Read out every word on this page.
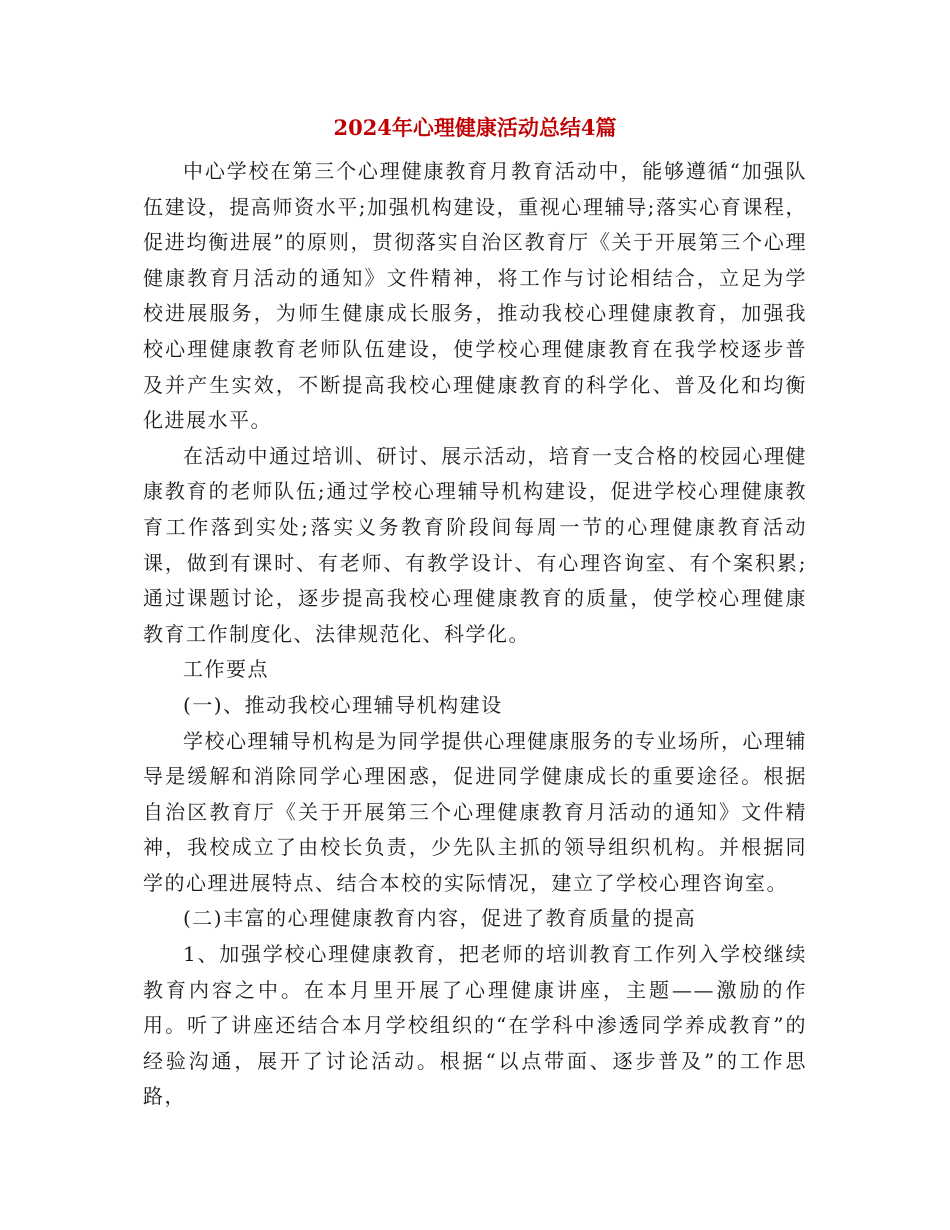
2024年心理健康活动总结4篇

中心学校在第三个心理健康教育月教育活动中，能够遵循“加强队伍建设，提高师资水平;加强机构建设，重视心理辅导;落实心育课程，促进均衡进展”的原则，贯彻落实自治区教育厅《关于开展第三个心理健康教育月活动的通知》文件精神，将工作与讨论相结合，立足为学校进展服务，为师生健康成长服务，推动我校心理健康教育，加强我校心理健康教育老师队伍建设，使学校心理健康教育在我学校逐步普及并产生实效，不断提高我校心理健康教育的科学化、普及化和均衡化进展水平。

在活动中通过培训、研讨、展示活动，培育一支合格的校园心理健康教育的老师队伍;通过学校心理辅导机构建设，促进学校心理健康教育工作落到实处;落实义务教育阶段间每周一节的心理健康教育活动课，做到有课时、有老师、有教学设计、有心理咨询室、有个案积累;通过课题讨论，逐步提高我校心理健康教育的质量，使学校心理健康教育工作制度化、法律规范化、科学化。

工作要点

(一)、推动我校心理辅导机构建设

学校心理辅导机构是为同学提供心理健康服务的专业场所，心理辅导是缓解和消除同学心理困惑，促进同学健康成长的重要途径。根据自治区教育厅《关于开展第三个心理健康教育月活动的通知》文件精神，我校成立了由校长负责，少先队主抓的领导组织机构。并根据同学的心理进展特点、结合本校的实际情况，建立了学校心理咨询室。

(二)丰富的心理健康教育内容，促进了教育质量的提高

1、加强学校心理健康教育，把老师的培训教育工作列入学校继续教育内容之中。在本月里开展了心理健康讲座，主题——激励的作用。听了讲座还结合本月学校组织的“在学科中渗透同学养成教育”的经验沟通，展开了讨论活动。根据“以点带面、逐步普及”的工作思路，
